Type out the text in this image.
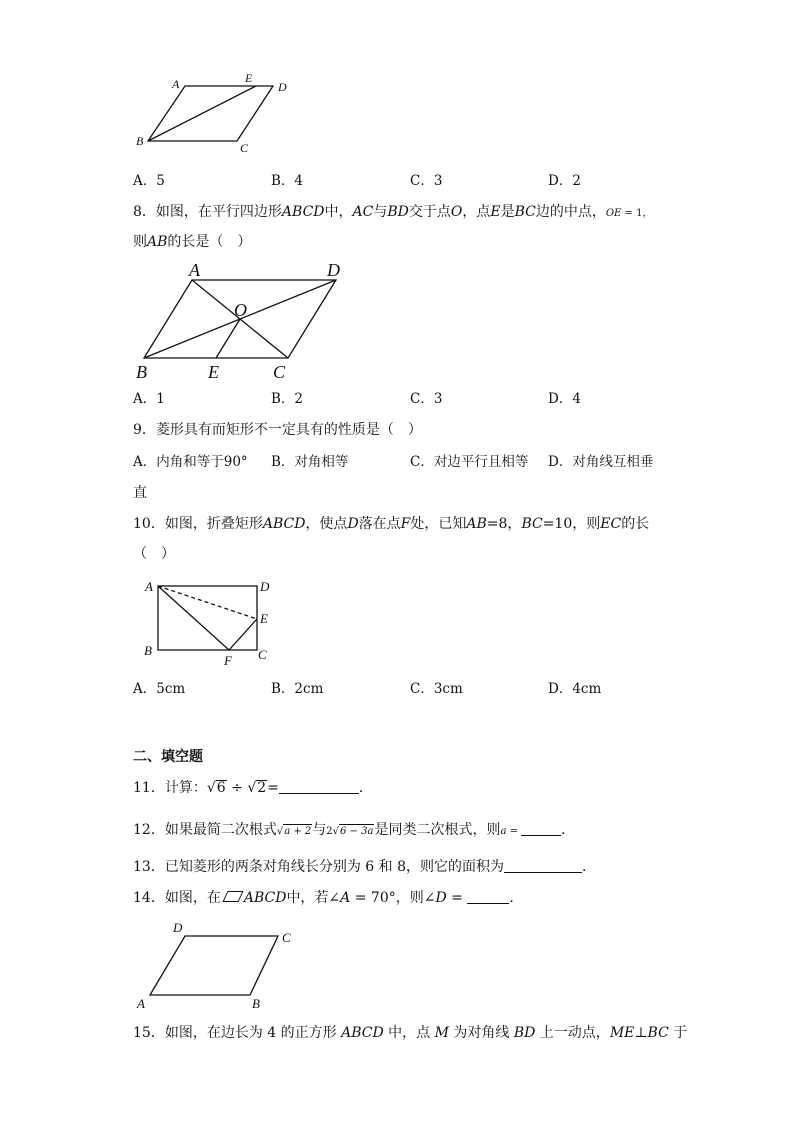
A	E
D
B	C
A．5	B．4	C．3	D．2
8．如图，在平行四边形ABCD中，AC与BD交于点O，点E是BC边的中点，OE = 1，
则AB的长是（　）
A	D
O
B	E	C
A．1	B．2	C．3	D．4
9．菱形具有而矩形不一定具有的性质是（　）
A．内角和等于90° B．对角相等	C．对边平行且相等 D．对角线互相垂
直
10．如图，折叠矩形ABCD，使点D落在点F处，已知AB=8，BC=10，则EC的长
（　）
A	D
E
B
F C
A．5cm	B．2cm	C．3cm	D．4cm
二、填空题
11．计算：√6 ÷ √2=	．
12．如果最简二次根式√a + 2与2√6 − 3a是同类二次根式，则a =	．
13．已知菱形的两条对角线长分别为 6 和 8，则它的面积为	．
14．如图，在 ABCD中，若∠A = 70°，则∠D =	．
D
C
A	B
15．如图，在边长为 4 的正方形 ABCD 中，点 M 为对角线 BD 上一动点，ME⊥BC 于
